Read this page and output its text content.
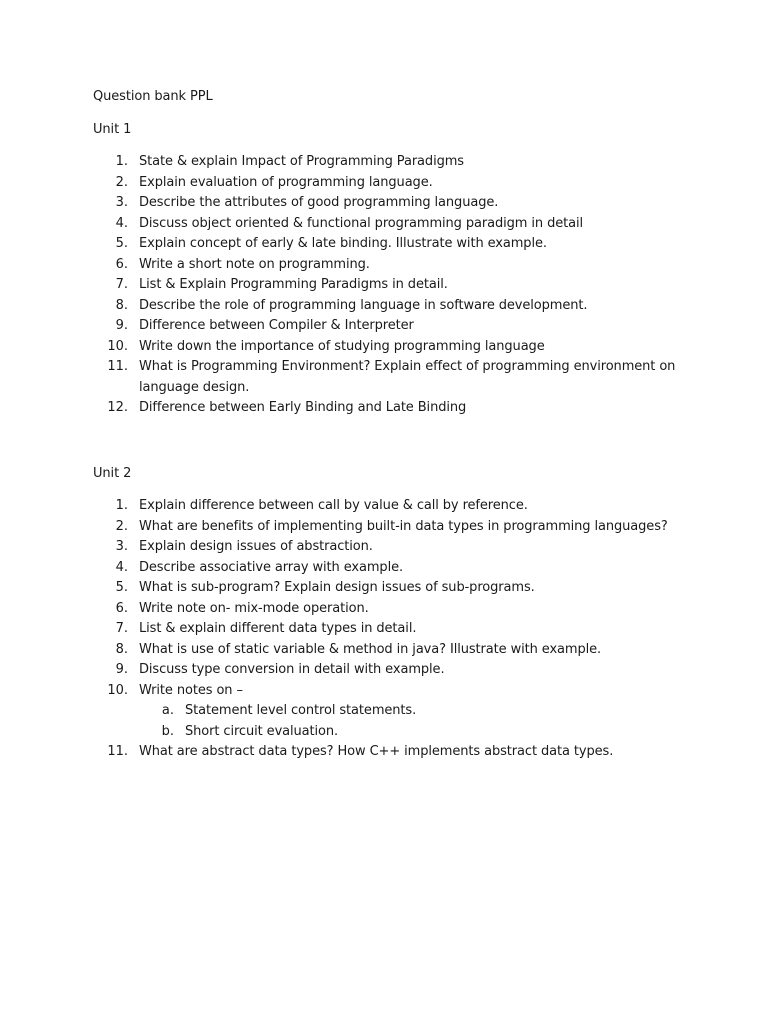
Question bank PPL
Unit 1
1. State & explain Impact of Programming Paradigms
2. Explain evaluation of programming language.
3. Describe the attributes of good programming language.
4. Discuss object oriented & functional programming paradigm in detail
5. Explain concept of early & late binding. Illustrate with example.
6. Write a short note on programming.
7. List & Explain Programming Paradigms in detail.
8. Describe the role of programming language in software development.
9. Difference between Compiler & Interpreter
10. Write down the importance of studying programming language
11. What is Programming Environment? Explain effect of programming environment on
language design.
12. Difference between Early Binding and Late Binding
Unit 2
1. Explain difference between call by value & call by reference.
2. What are benefits of implementing built-in data types in programming languages?
3. Explain design issues of abstraction.
4. Describe associative array with example.
5. What is sub-program? Explain design issues of sub-programs.
6. Write note on- mix-mode operation.
7. List & explain different data types in detail.
8. What is use of static variable & method in java? Illustrate with example.
9. Discuss type conversion in detail with example.
10. Write notes on –
a. Statement level control statements.
b. Short circuit evaluation.
11. What are abstract data types? How C++ implements abstract data types.
